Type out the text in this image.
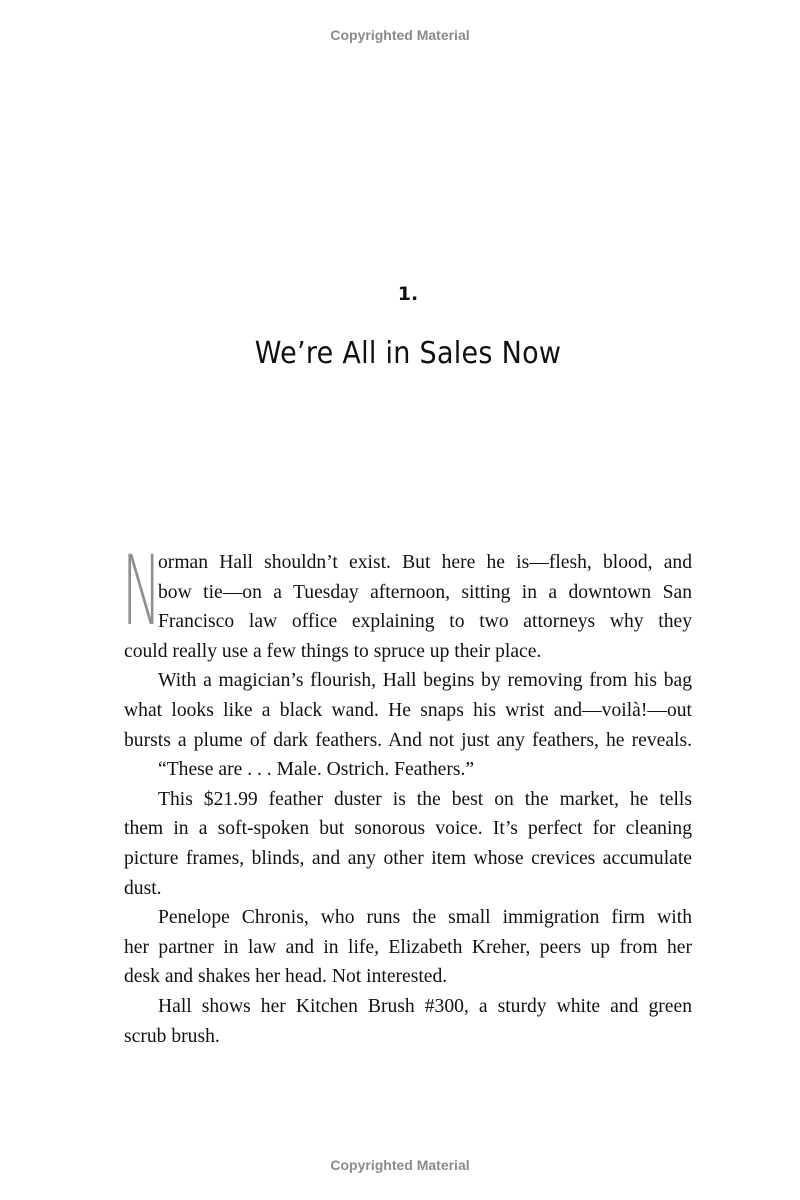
Copyrighted Material
1.
We’re All in Sales Now
N
orman Hall shouldn’t exist. But here he is—flesh, blood, and
bow tie—on a Tuesday afternoon, sitting in a downtown San
Francisco law office explaining to two attorneys why they
could really use a few things to spruce up their place.
With a magician’s flourish, Hall begins by removing from his bag
what looks like a black wand. He snaps his wrist and—voilà!—out
bursts a plume of dark feathers. And not just any feathers, he reveals.
“These are . . . Male. Ostrich. Feathers.”
This $21.99 feather duster is the best on the market, he tells
them in a soft-spoken but sonorous voice. It’s perfect for cleaning
picture frames, blinds, and any other item whose crevices accumulate
dust.
Penelope Chronis, who runs the small immigration firm with
her partner in law and in life, Elizabeth Kreher, peers up from her
desk and shakes her head. Not interested.
Hall shows her Kitchen Brush #300, a sturdy white and green
scrub brush.
Copyrighted Material
